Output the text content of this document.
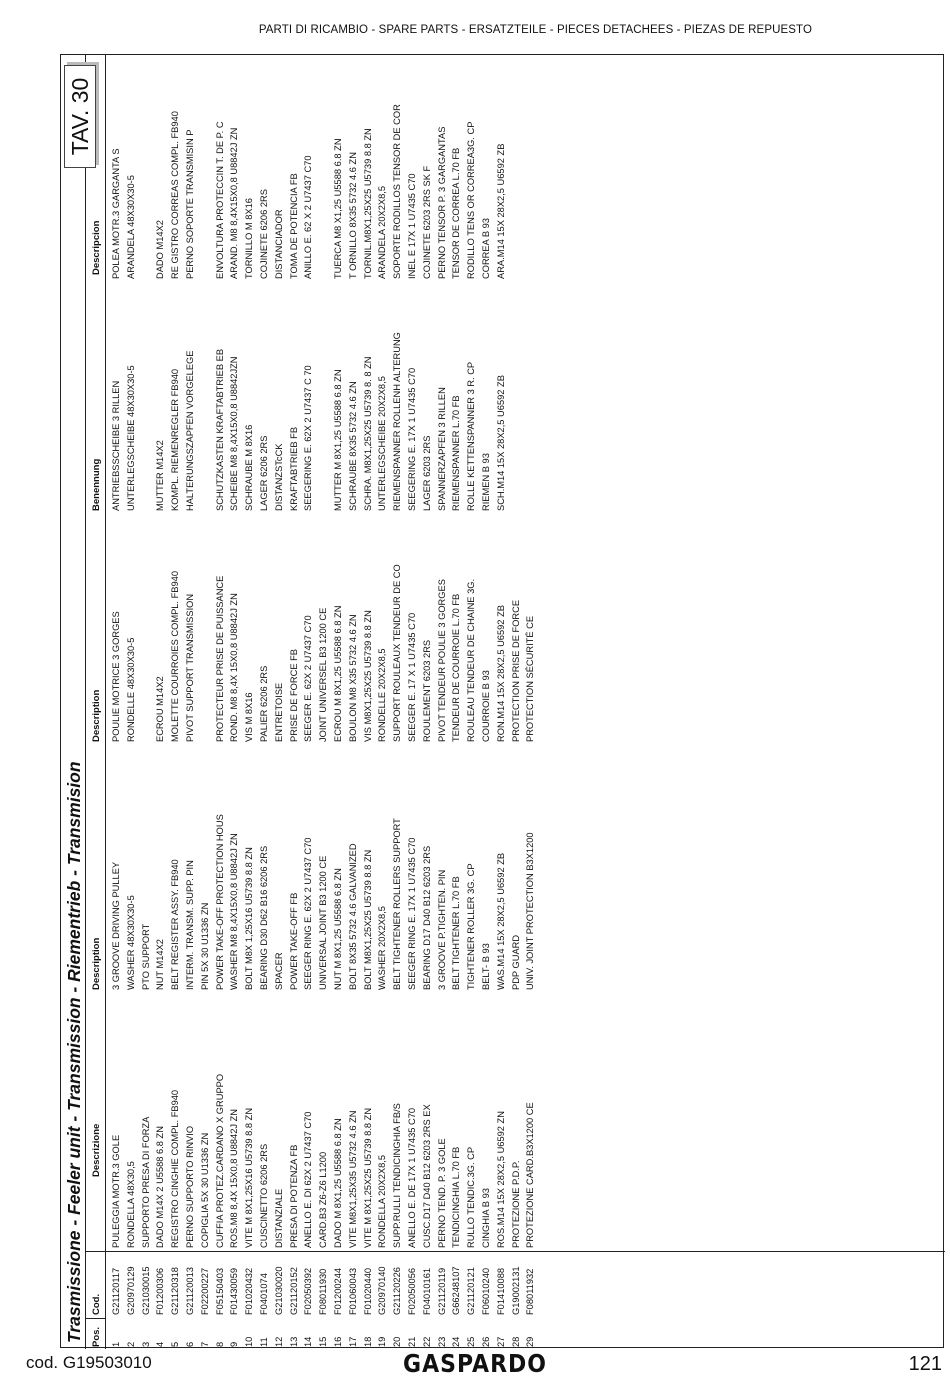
PARTI DI RICAMBIO - SPARE PARTS - ERSATZTEILE - PIECES DETACHEES - PIEZAS DE REPUESTO
Trasmissione - Feeler unit - Transmission - Riementrieb - Transmision
TAV. 30
Pos.
Cod.
Descrizione
Description
Description
Benennung
Descripcion
1
G21120117
PULEGGIA MOTR.3 GOLE
3 GROOVE DRIVING PULLEY
POULIE MOTRICE 3 GORGES
ANTRIEBSSCHEIBE 3 RILLEN
POLEA MOTR.3 GARGANTA S
2
G20970129
RONDELLA 48X30,5
WASHER 48X30X30-5
RONDELLE 48X30X30-5
UNTERLEGSCHEIBE 48X30X30-5
ARANDELA 48X30X30-5
3
G21030015
SUPPORTO PRESA DI FORZA
PTO SUPPORT
4
F01200306
DADO M14X 2 U5588 6.8 ZN
NUT M14X2
ECROU M14X2
MUTTER M14X2
DADO M14X2
5
G21120318
REGISTRO CINGHIE COMPL. FB940
BELT REGISTER ASSY. FB940
MOLETTE COURROIES COMPL. FB940
KOMPL. RIEMENREGLER FB940
RE GISTRO CORREAS COMPL. FB940
6
G21120013
PERNO SUPPORTO RINVIO
INTERM. TRANSM. SUPP. PIN
PIVOT SUPPORT TRANSMISSION
HALTERUNGSZAPFEN VORGELEGE
PERNO SOPORTE TRANSMISIN P
7
F02200227
COPIGLIA 5X 30 U1336 ZN
PIN 5X 30 U1336 ZN
8
F05150403
CUFFIA PROTEZ.CARDANO X GRUPPO
POWER TAKE-OFF PROTECTION HOUS
PROTECTEUR PRISE DE PUISSANCE
SCHUTZKASTEN KRAFTABTRIEB EB
ENVOLTURA PROTECCIN T. DE P. C
9
F01430059
ROS.M8 8,4X 15X0,8 U8842J ZN
WASHER M8 8,4X15X0,8 U8842J ZN
ROND. M8 8,4X 15X0,8 U8842J ZN
SCHEIBE M8 8,4X15X0,8 U8842JZN
ARAND. M8 8,4X15X0,8 U8842J ZN
10
F01020432
VITE M 8X1,25X16 U5739 8.8 ZN
BOLT M8X 1,25X16 U5739 8.8 ZN
VIS M 8X16
SCHRAUBE M 8X16
TORNILLO M 8X16
11
F0401074
CUSCINETTO 6206 2RS
BEARING D30 D62 B16 6206 2RS
PALIER 6206 2RS
LAGER 6206 2RS
COJINETE 6206 2RS
12
G21030020
DISTANZIALE
SPACER
ENTRETOISE
DISTANZSTcCK
DISTANCIADOR
13
G21120152
PRESA DI POTENZA FB
POWER TAKE-OFF FB
PRISE DE FORCE FB
KRAFTABTRIEB FB
TOMA DE POTENCIA FB
14
F02050392
ANELLO E. DI 62X 2 U7437 C70
SEEGER RING E. 62X 2 U7437 C70
SEEGER E. 62X 2 U7437 C70
SEEGERING E. 62X 2 U7437 C 70
ANILLO E. 62 X 2 U7437 C70
15
F08011930
CARD.B3 Z6-Z6 L1200
UNIVERSAL JOINT B3 1200 CE
JOINT UNIVERSEL B3 1200 CE
16
F01200244
DADO M 8X1,25 U5588 6.8 ZN
NUT M 8X1,25 U5588 6.8 ZN
ECROU M 8X1,25 U5588 6.8 ZN
MUTTER M 8X1,25 U5588 6.8 ZN
TUERCA M8 X1,25 U5588 6.8 ZN
17
F01060043
VITE M8X1,25X35 U5732 4.6 ZN
BOLT 8X35 5732 4.6 GALVANIZED
BOULON M8 X35 5732 4.6 ZN
SCHRAUBE 8X35 5732 4.6 ZN
T ORNILLO 8X35 5732 4.6 ZN
18
F01020440
VITE M 8X1,25X25 U5739 8.8 ZN
BOLT M8X1,25X25 U5739 8.8 ZN
VIS M8X1,25X25 U5739 8.8 ZN
SCHRA. M8X1,25X25 U5739 8. 8 ZN
TORNIL.M8X1,25X25 U5739 8.8 ZN
19
G20970140
RONDELLA 20X2X8,5
WASHER 20X2X8,5
RONDELLE 20X2X8,5
UNTERLEGSCHEIBE 20X2X8,5
ARANDELA 20X2X8,5
20
G21120226
SUPP.RULLI TENDICINGHIA FB/S
BELT TIGHTENER ROLLERS SUPPORT
SUPPORT ROULEAUX TENDEUR DE CO
RIEMENSPANNER ROLLENH ALTERUNG
SOPORTE RODILLOS TENSOR DE COR
21
F02050056
ANELLO E. DE 17X 1 U7435 C70
SEEGER RING E. 17X 1 U7435 C70
SEEGER E. 17 X 1 U7435 C70
SEEGERING E. 17X 1 U7435 C70
INEL E 17X 1 U7435 C70
22
F04010161
CUSC.D17 D40 B12 6203 2RS EX
BEARING D17 D40 B12 6203 2RS
ROULEMENT 6203 2RS
LAGER 6203 2RS
COJINETE 6203 2RS SK F
23
G21120119
PERNO TEND. P. 3 GOLE
3 GROOVE P.TIGHTEN. PIN
PIVOT TENDEUR POULIE 3 GORGES
SPANNERZAPFEN 3 RILLEN
PERNO TENSOR P. 3 GARGANTAS
24
G66248107
TENDICINGHIA L.70 FB
BELT TIGHTENER L.70 FB
TENDEUR DE COURROIE L.70 FB
RIEMENSPANNER L.70 FB
TENSOR DE CORREA L.70 FB
25
G21120121
RULLO TENDIC.3G. CP
TIGHTENER ROLLER 3G. CP
ROULEAU TENDEUR DE CHAINE 3G.
ROLLE KETTENSPANNER 3 R. CP
RODILLO TENS OR CORREA3G. CP
26
F06010240
CINGHIA B 93
BELT- B 93
COURROIE B 93
RIEMEN B 93
CORREA B 93
27
F01410088
ROS.M14 15X 28X2,5 U6592 ZN
WAS.M14 15X 28X2,5 U6592 ZB
RON.M14 15X 28X2,5 U6592 ZB
SCH.M14 15X 28X2,5 U6592 ZB
ARA.M14 15X 28X2,5 U6592 ZB
28
G19002131
PROTEZIONE P.D.P.
PDP GUARD
PROTECTION PRISE DE FORCE
29
F08011932
PROTEZIONE CARD.B3X1200 CE
UNIV. JOINT PROTECTION B3X1200
PROTECTION SÉCURITÉ CE
cod. G19503010	GASPARDO	121
